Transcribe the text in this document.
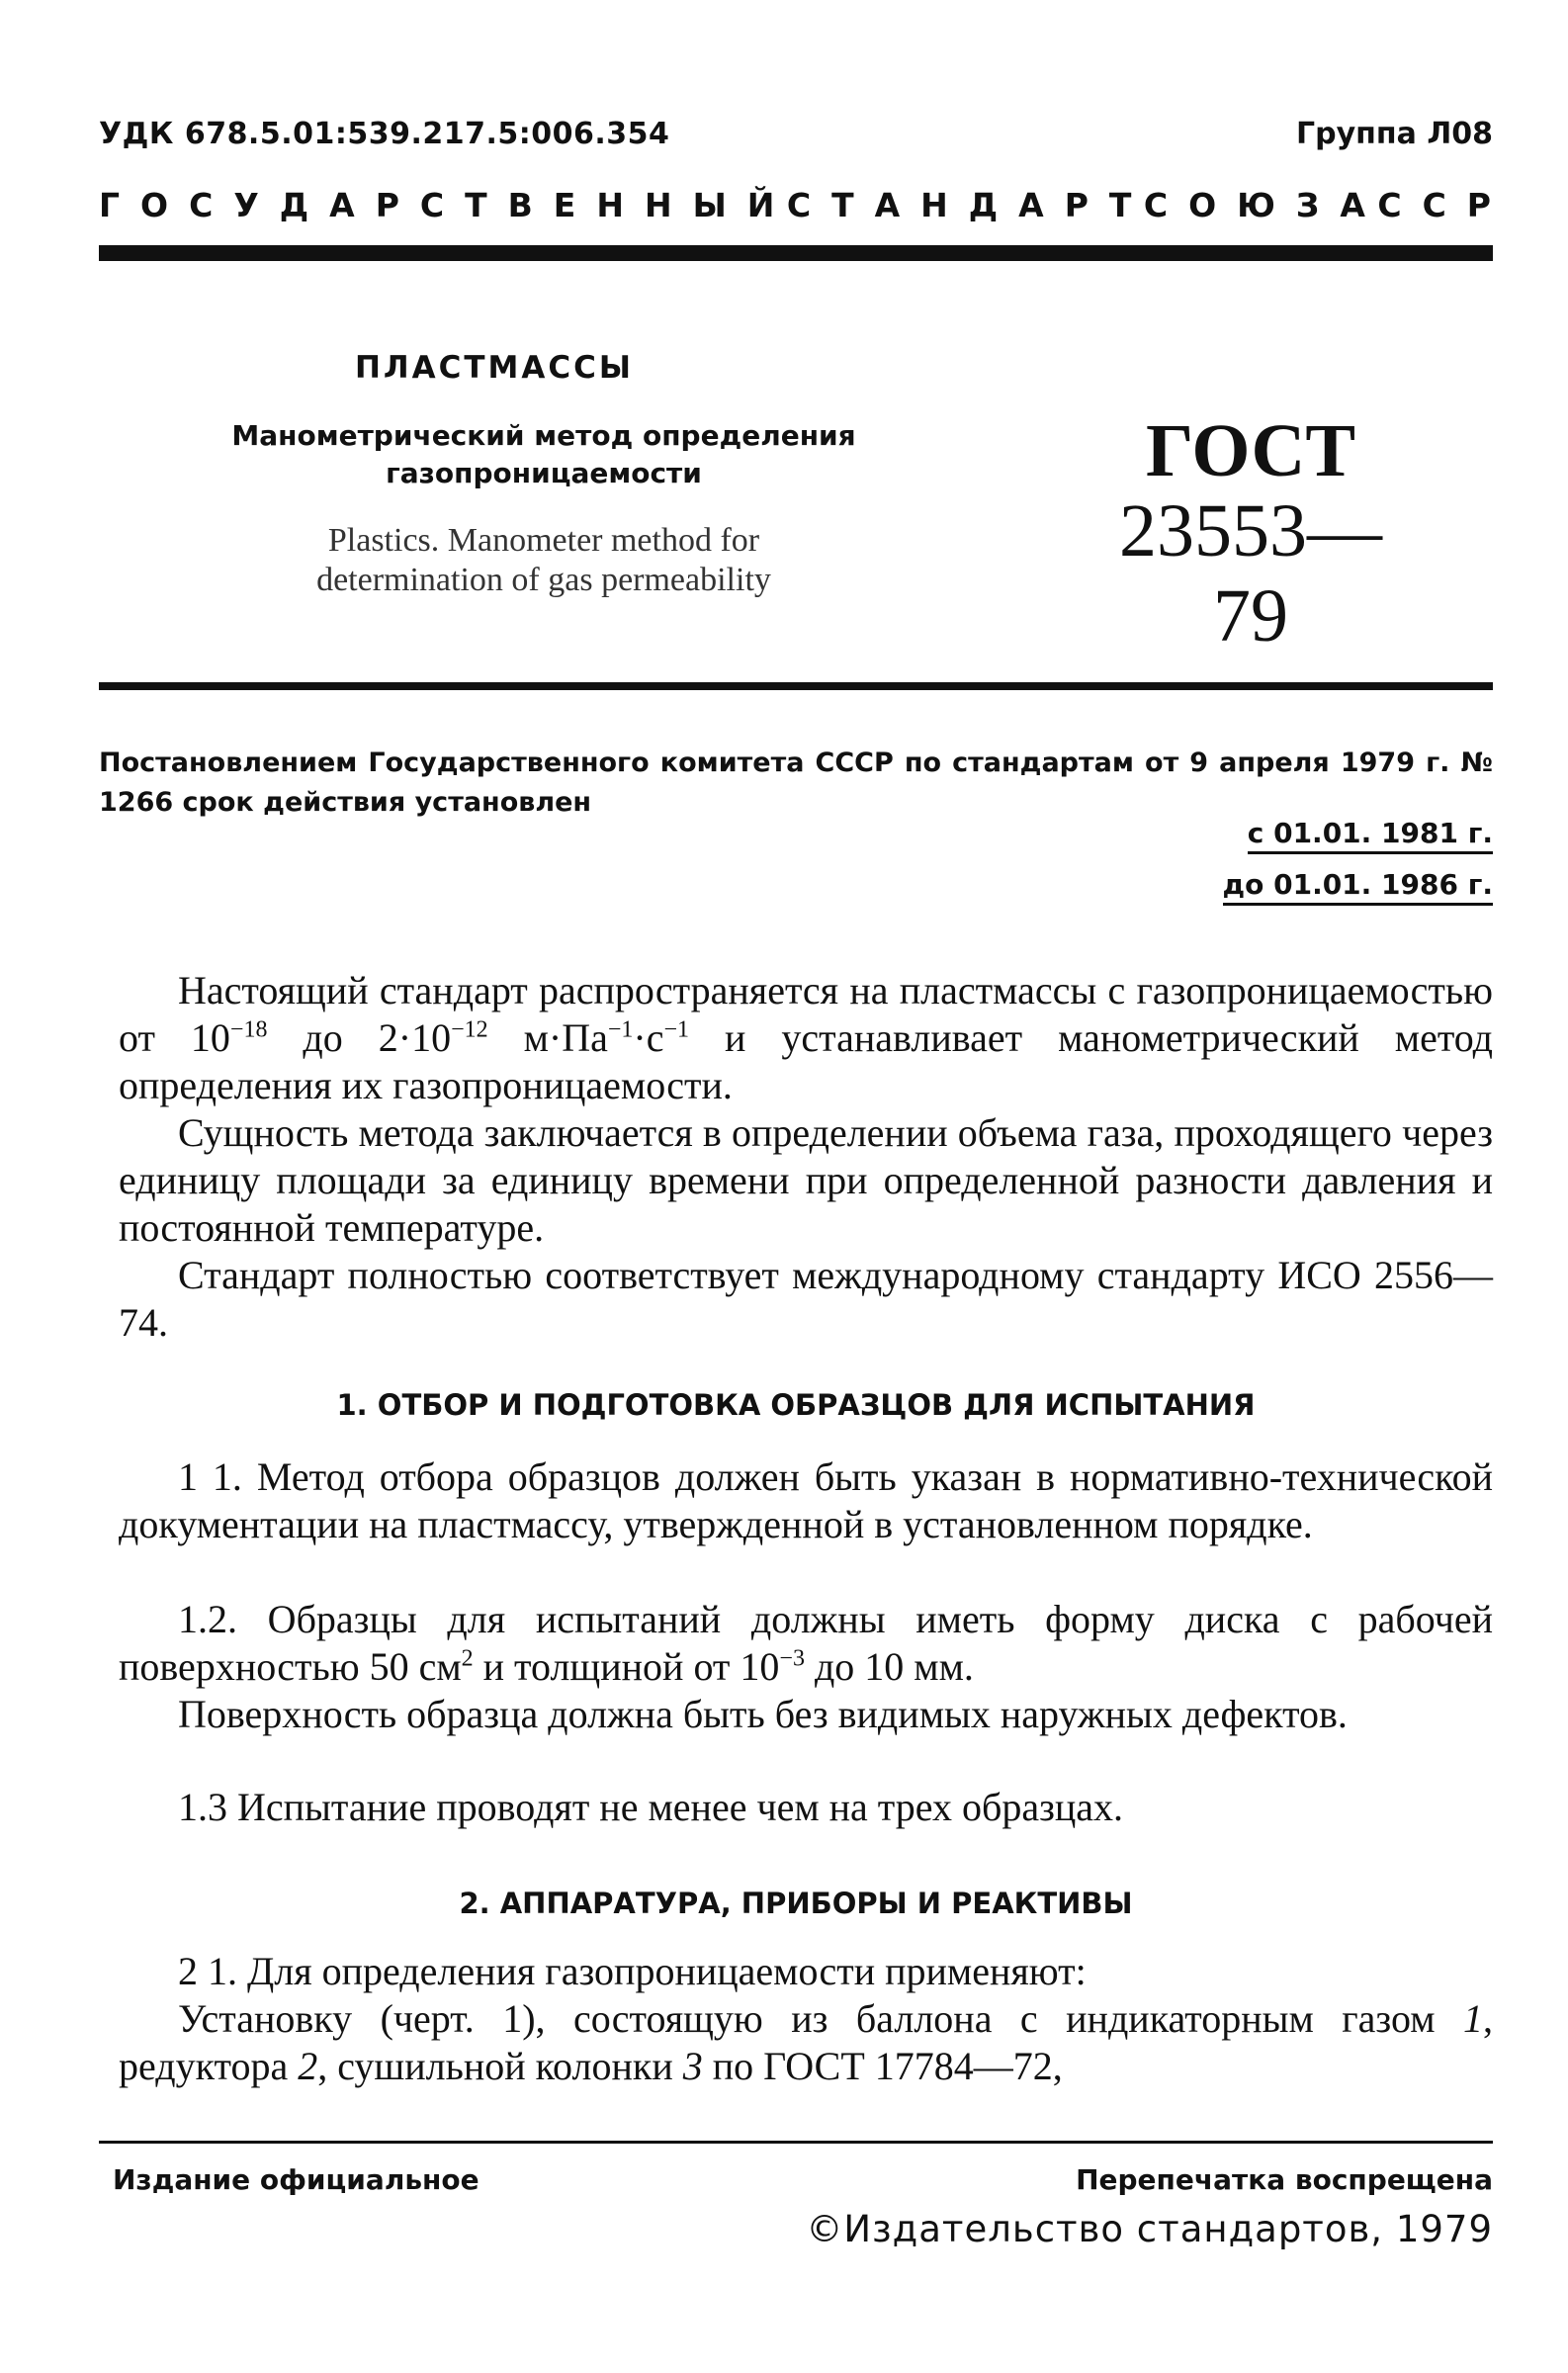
УДК 678.5.01:539.217.5:006.354	Группа Л08
Г О С У Д А Р С Т В Е Н Н Ы Й С Т А Н Д А Р Т С О Ю З А С С Р
ПЛАСТМАССЫ
Манометрический метод определения
газопроницаемости
Plastics. Manometer method for
determination of gas permeability
ГОСТ
23553—79
Постановлением Государственного комитета СССР по стандартам от 9 апреля 1979 г. № 1266 срок действия установлен
с 01.01. 1981 г.
до 01.01. 1986 г.
Настоящий стандарт распространяется на пластмассы с газопроницаемостью от $10^{-18}$ до $2\cdot 10^{-12}$ $м\cdot Па^{-1}\cdot с^{-1}$ и устанавливает манометрический метод определения их газопроницаемости.
Сущность метода заключается в определении объема газа, проходящего через единицу площади за единицу времени при определенной разности давления и постоянной температуре.
Стандарт полностью соответствует международному стандарту ИСО 2556—74.
1. ОТБОР И ПОДГОТОВКА ОБРАЗЦОВ ДЛЯ ИСПЫТАНИЯ
1 1. Метод отбора образцов должен быть указан в нормативно-технической документации на пластмассу, утвержденной в установленном порядке.
1.2. Образцы для испытаний должны иметь форму диска с рабочей поверхностью 50 $см^2$ и толщиной от $10^{-3}$ до 10 мм.
Поверхность образца должна быть без видимых наружных дефектов.
1.3 Испытание проводят не менее чем на трех образцах.
2. АППАРАТУРА, ПРИБОРЫ И РЕАКТИВЫ
2 1. Для определения газопроницаемости применяют:
Установку (черт. 1), состоящую из баллона с индикаторным газом 1, редуктора 2, сушильной колонки 3 по ГОСТ 17784—72,
Издание официальное	Перепечатка воспрещена
©Издательство стандартов, 1979
